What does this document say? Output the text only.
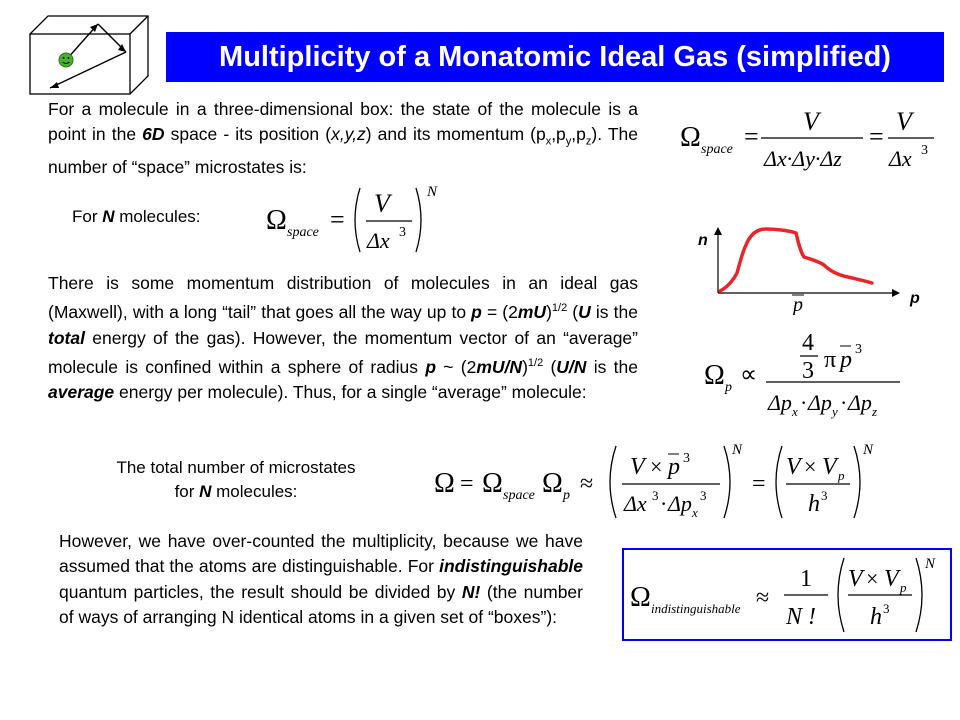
Multiplicity of a Monatomic Ideal Gas (simplified)
For a molecule in a three-dimensional box: the state of the molecule is a point in the 6D space - its position (x,y,z) and its momentum $(p_x,p_y,p_z)$. The number of “space” microstates is:
Ω space =
V
Δx·Δy·Δz
=
V
Δx 3
For N molecules: Ω space =
V
Δx 3
N
n
p
p
There is some momentum distribution of molecules in an ideal gas (Maxwell), with a long “tail” that goes all the way up to $p = (2mU)^{1/2}$ (U is the total energy of the gas). However, the momentum vector of an “average” molecule is confined within a sphere of radius p ~ $(2mU/N)^{1/2}$ (U/N is the average energy per molecule). Thus, for a single “average” molecule:
Ω p ∝
4
3 π p 3
Δp x · Δp y · Δp z
The total number of microstates
for N molecules:	Ω = Ω space Ω p ≈
V × p 3
Δx 3 · Δp x
3
N
=
V × V p
h 3
N
However, we have over-counted the multiplicity, because we have assumed that the atoms are distinguishable. For indistinguishable quantum particles, the result should be divided by N! (the number of ways of arranging N identical atoms in a given set of “boxes”):
Ω indistinguishable ≈
1
N !
V × V p
h 3
N
